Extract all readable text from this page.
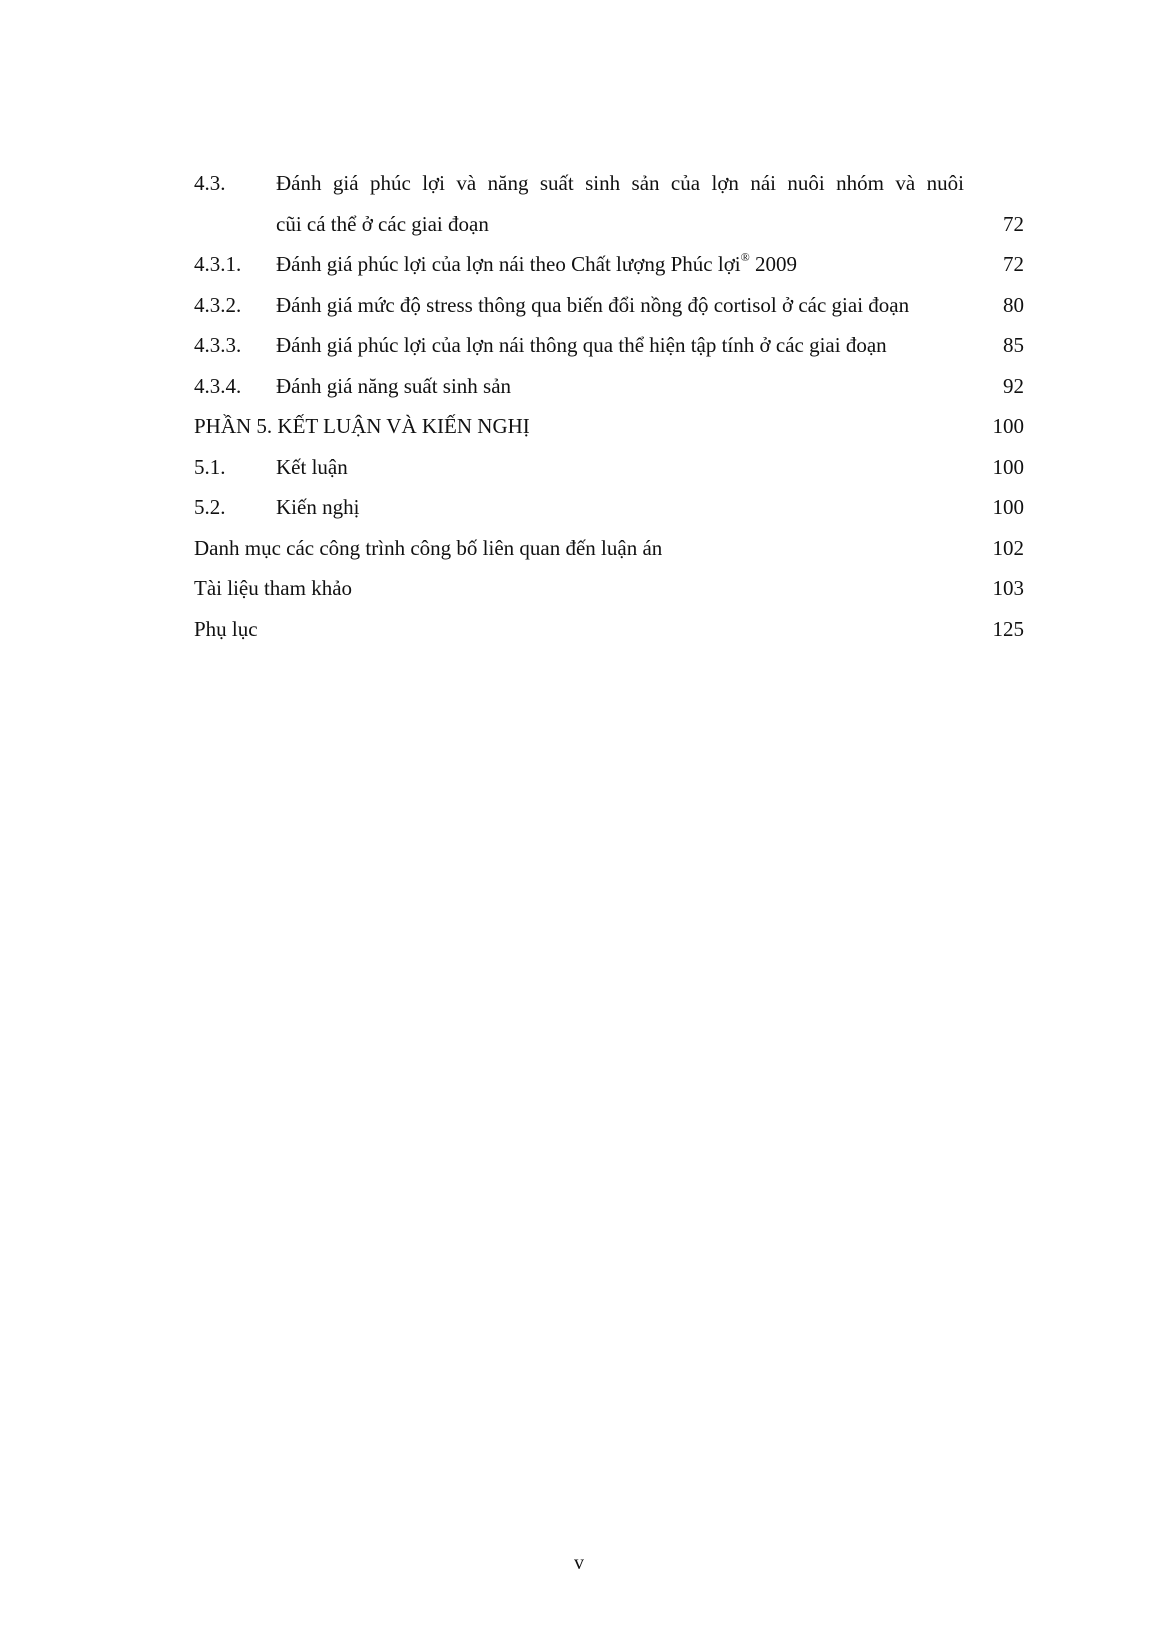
4.3. Đánh giá phúc lợi và năng suất sinh sản của lợn nái nuôi nhóm và nuôi
cũi cá thể ở các giai đoạn	72
4.3.1. Đánh giá phúc lợi của lợn nái theo Chất lượng Phúc lợi® 2009	72
4.3.2. Đánh giá mức độ stress thông qua biến đổi nồng độ cortisol ở các giai đoạn	80
4.3.3. Đánh giá phúc lợi của lợn nái thông qua thể hiện tập tính ở các giai đoạn	85
4.3.4. Đánh giá năng suất sinh sản	92
PHẦN 5. KẾT LUẬN VÀ KIẾN NGHỊ	100
5.1. Kết luận	100
5.2. Kiến nghị	100
Danh mục các công trình công bố liên quan đến luận án	102
Tài liệu tham khảo	103
Phụ lục	125
v
